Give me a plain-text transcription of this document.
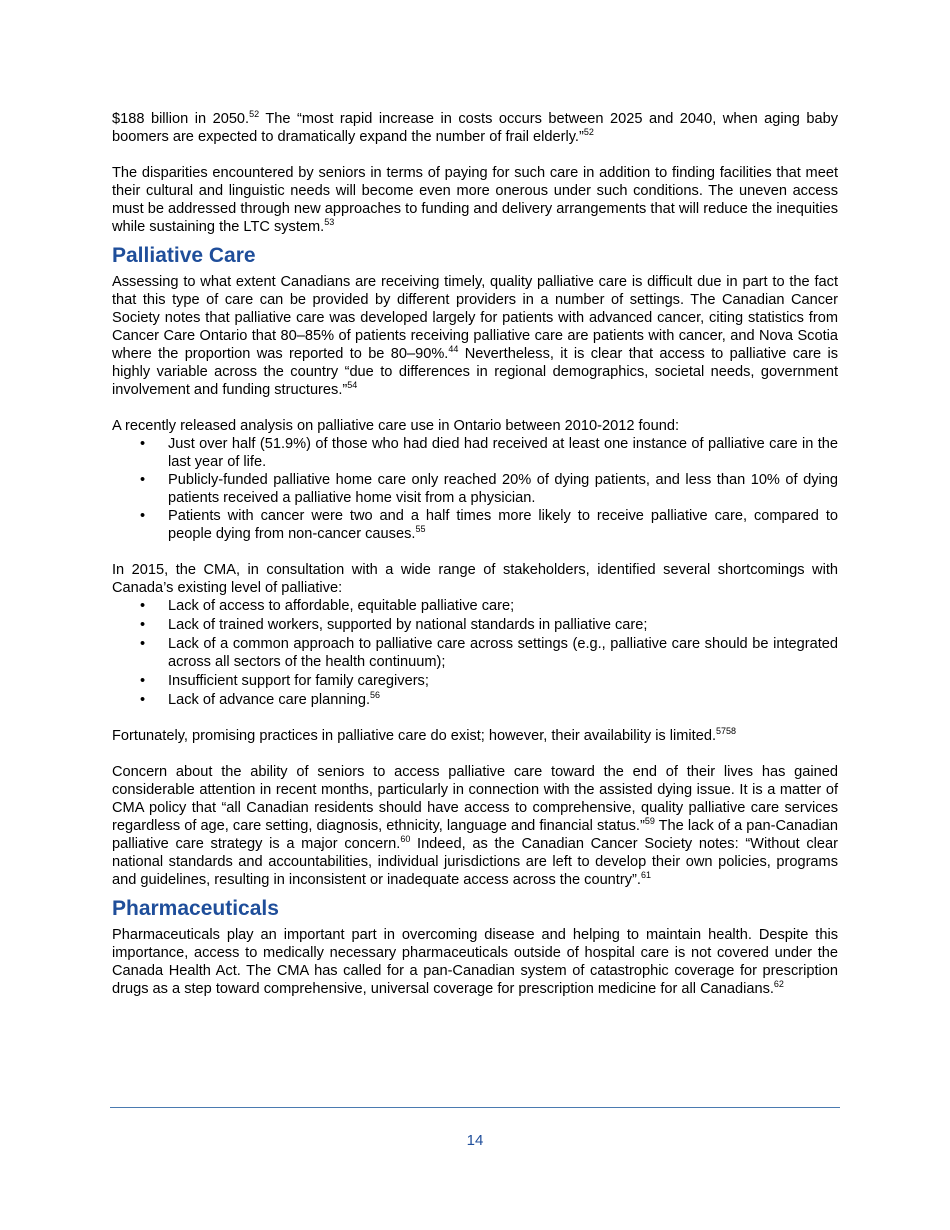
$188 billion in 2050.52 The “most rapid increase in costs occurs between 2025 and 2040, when aging baby boomers are expected to dramatically expand the number of frail elderly.”$^{52}$

The disparities encountered by seniors in terms of paying for such care in addition to finding facilities that meet their cultural and linguistic needs will become even more onerous under such conditions. The uneven access must be addressed through new approaches to funding and delivery arrangements that will reduce the inequities while sustaining the LTC system.$^{53}$

Palliative Care

Assessing to what extent Canadians are receiving timely, quality palliative care is difficult due in part to the fact that this type of care can be provided by different providers in a number of settings. The Canadian Cancer Society notes that palliative care was developed largely for patients with advanced cancer, citing statistics from Cancer Care Ontario that 80–85% of patients receiving palliative care are patients with cancer, and Nova Scotia where the proportion was reported to be 80–90%.$^{44}$ Nevertheless, it is clear that access to palliative care is highly variable across the country “due to differences in regional demographics, societal needs, government involvement and funding structures.”$^{54}$

A recently released analysis on palliative care use in Ontario between 2010-2012 found:

• Just over half (51.9%) of those who had died had received at least one instance of palliative care in the last year of life.
• Publicly-funded palliative home care only reached 20% of dying patients, and less than 10% of dying patients received a palliative home visit from a physician.
• Patients with cancer were two and a half times more likely to receive palliative care, compared to people dying from non-cancer causes.$^{55}$

In 2015, the CMA, in consultation with a wide range of stakeholders, identified several shortcomings with Canada’s existing level of palliative:

• Lack of access to affordable, equitable palliative care;
• Lack of trained workers, supported by national standards in palliative care;
• Lack of a common approach to palliative care across settings (e.g., palliative care should be integrated across all sectors of the health continuum);
• Insufficient support for family caregivers;
• Lack of advance care planning.$^{56}$

Fortunately, promising practices in palliative care do exist; however, their availability is limited.$^{5758}$

Concern about the ability of seniors to access palliative care toward the end of their lives has gained considerable attention in recent months, particularly in connection with the assisted dying issue. It is a matter of CMA policy that “all Canadian residents should have access to comprehensive, quality palliative care services regardless of age, care setting, diagnosis, ethnicity, language and financial status.”$^{59}$ The lack of a pan-Canadian palliative care strategy is a major concern.$^{60}$ Indeed, as the Canadian Cancer Society notes: “Without clear national standards and accountabilities, individual jurisdictions are left to develop their own policies, programs and guidelines, resulting in inconsistent or inadequate access across the country”.$^{61}$

Pharmaceuticals

Pharmaceuticals play an important part in overcoming disease and helping to maintain health. Despite this importance, access to medically necessary pharmaceuticals outside of hospital care is not covered under the Canada Health Act. The CMA has called for a pan-Canadian system of catastrophic coverage for prescription drugs as a step toward comprehensive, universal coverage for prescription medicine for all Canadians.$^{62}$

14
